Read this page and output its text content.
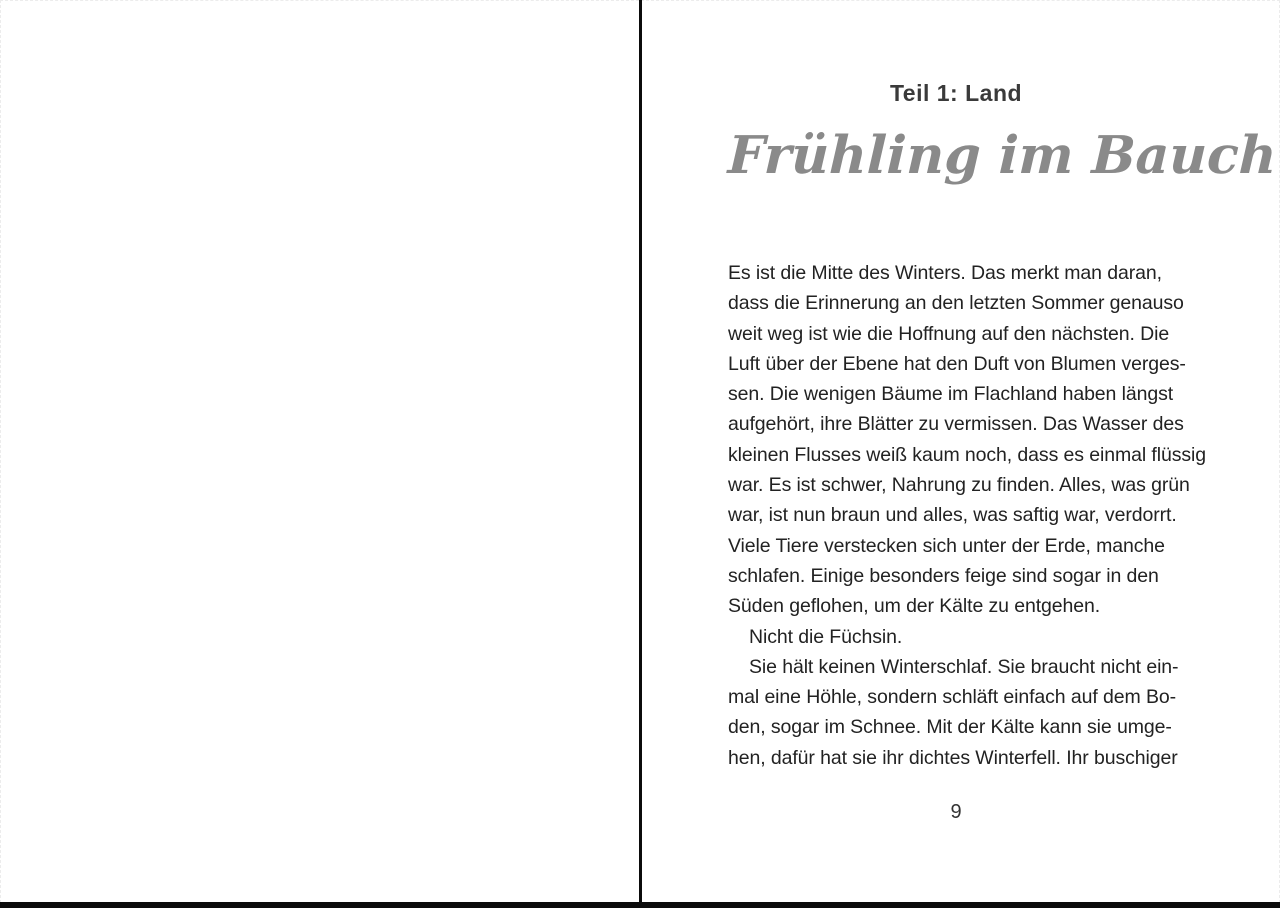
Teil 1: Land
Frühling im Bauch
Es ist die Mitte des Winters. Das merkt man daran,
dass die Erinnerung an den letzten Sommer genauso
weit weg ist wie die Hoffnung auf den nächsten. Die
Luft über der Ebene hat den Duft von Blumen verges-
sen. Die wenigen Bäume im Flachland haben längst
aufgehört, ihre Blätter zu vermissen. Das Wasser des
kleinen Flusses weiß kaum noch, dass es einmal flüssig
war. Es ist schwer, Nahrung zu finden. Alles, was grün
war, ist nun braun und alles, was saftig war, verdorrt.
Viele Tiere verstecken sich unter der Erde, manche
schlafen. Einige besonders feige sind sogar in den
Süden geflohen, um der Kälte zu entgehen.
Nicht die Füchsin.
Sie hält keinen Winterschlaf. Sie braucht nicht ein-
mal eine Höhle, sondern schläft einfach auf dem Bo-
den, sogar im Schnee. Mit der Kälte kann sie umge-
hen, dafür hat sie ihr dichtes Winterfell. Ihr buschiger
9
